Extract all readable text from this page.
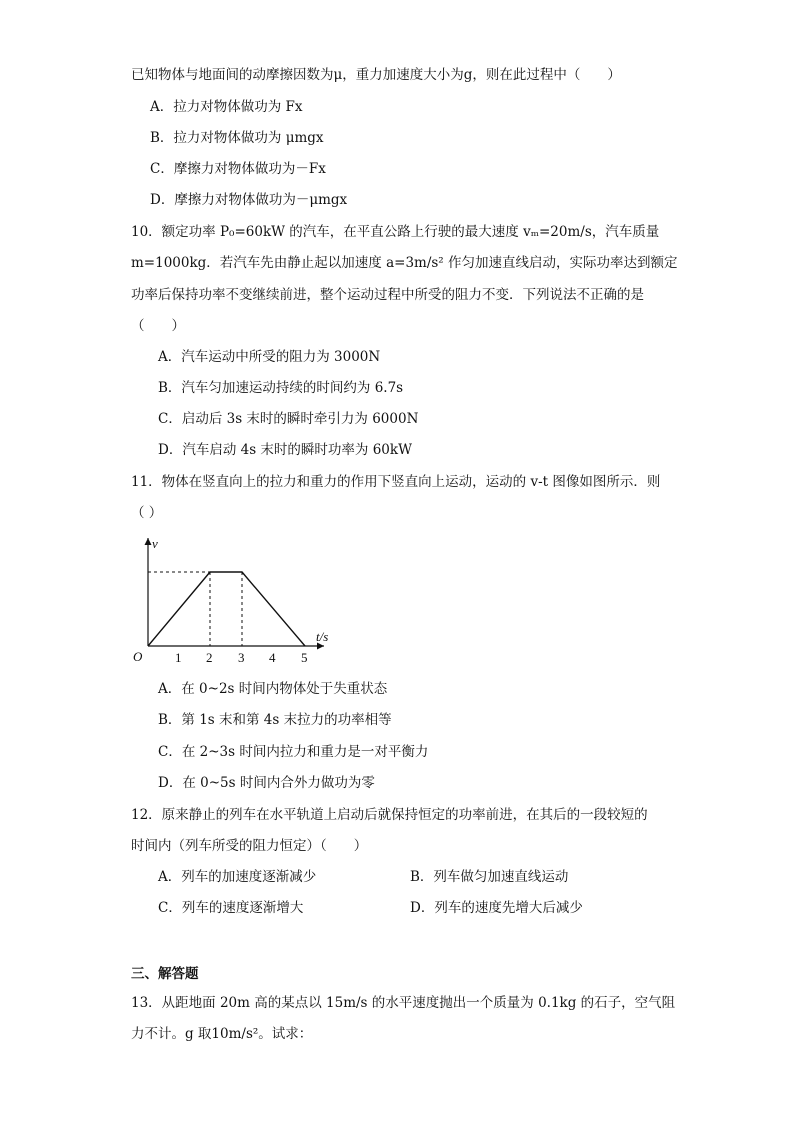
已知物体与地面间的动摩擦因数为μ，重力加速度大小为g，则在此过程中（　　）
A．拉力对物体做功为 Fx
B．拉力对物体做功为 μmgx
C．摩擦力对物体做功为－Fx
D．摩擦力对物体做功为－μmgx
10．额定功率 P₀=60kW 的汽车，在平直公路上行驶的最大速度 vₘ=20m/s，汽车质量
m=1000kg．若汽车先由静止起以加速度 a=3m/s² 作匀加速直线启动，实际功率达到额定
功率后保持功率不变继续前进，整个运动过程中所受的阻力不变．下列说法不正确的是
（　　）
A．汽车运动中所受的阻力为 3000N
B．汽车匀加速运动持续的时间约为 6.7s
C．启动后 3s 末时的瞬时牵引力为 6000N
D．汽车启动 4s 末时的瞬时功率为 60kW
11．物体在竖直向上的拉力和重力的作用下竖直向上运动，运动的 v-t 图像如图所示．则
（ ）
v
t/s
O	1 2 3 4 5
A．在 0~2s 时间内物体处于失重状态
B．第 1s 末和第 4s 末拉力的功率相等
C．在 2~3s 时间内拉力和重力是一对平衡力
D．在 0~5s 时间内合外力做功为零
12．原来静止的列车在水平轨道上启动后就保持恒定的功率前进，在其后的一段较短的
时间内（列车所受的阻力恒定）（　　）
A．列车的加速度逐渐减少	B．列车做匀加速直线运动
C．列车的速度逐渐增大	D．列车的速度先增大后减少
三、解答题
13．从距地面 20m 高的某点以 15m/s 的水平速度抛出一个质量为 0.1kg 的石子，空气阻
力不计。g 取10m/s²。试求：
